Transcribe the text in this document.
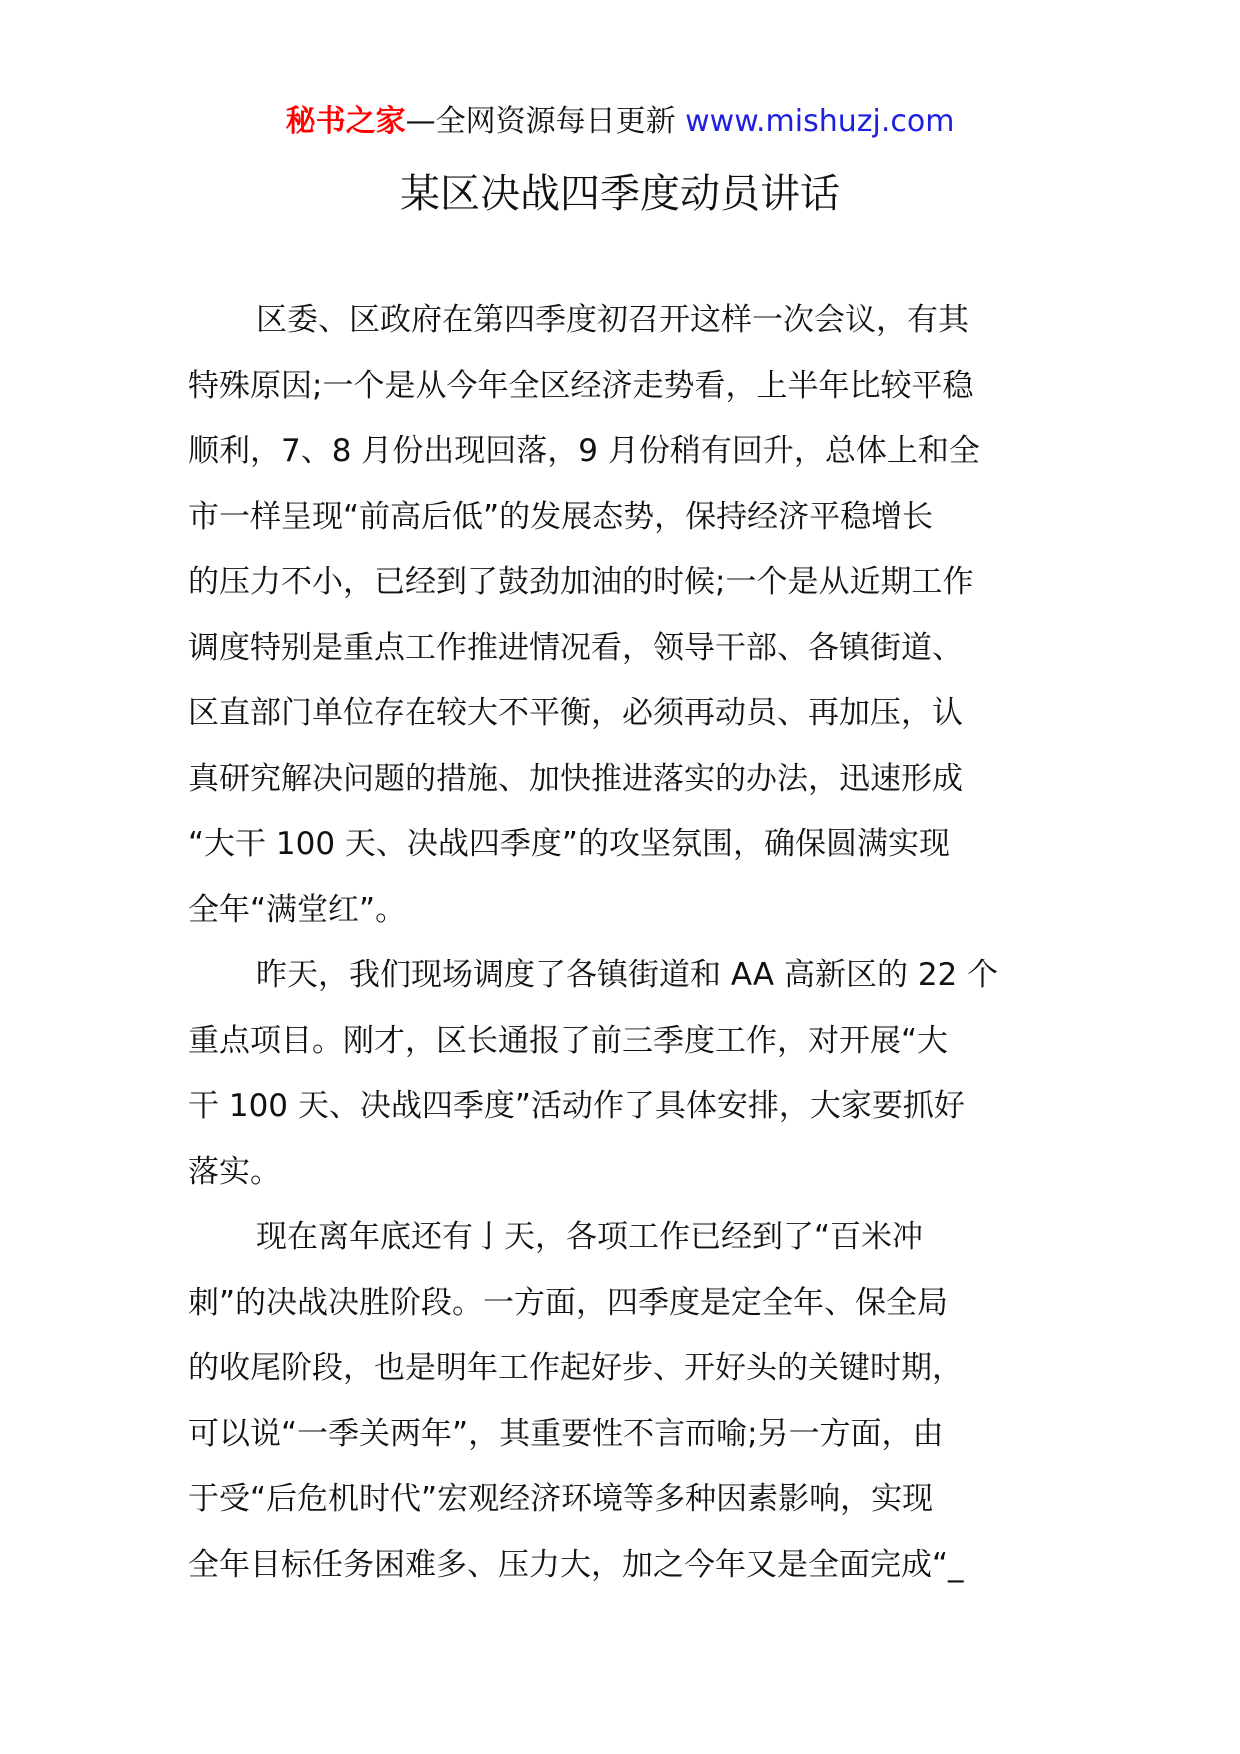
秘书之家—全网资源每日更新 www.mishuzj.com
某区决战四季度动员讲话
区委、区政府在第四季度初召开这样一次会议，有其
特殊原因;一个是从今年全区经济走势看，上半年比较平稳
顺利，7、8 月份出现回落，9 月份稍有回升，总体上和全
市一样呈现“前高后低”的发展态势，保持经济平稳增长
的压力不小，已经到了鼓劲加油的时候;一个是从近期工作
调度特别是重点工作推进情况看，领导干部、各镇街道、
区直部门单位存在较大不平衡，必须再动员、再加压，认
真研究解决问题的措施、加快推进落实的办法，迅速形成
“大干 100 天、决战四季度”的攻坚氛围，确保圆满实现
全年“满堂红”。
昨天，我们现场调度了各镇街道和 AA 高新区的 22 个
重点项目。刚才，区长通报了前三季度工作，对开展“大
干 100 天、决战四季度”活动作了具体安排，大家要抓好
落实。
现在离年底还有亅天，各项工作已经到了“百米冲
刺”的决战决胜阶段。一方面，四季度是定全年、保全局
的收尾阶段，也是明年工作起好步、开好头的关键时期，
可以说“一季关两年”，其重要性不言而喻;另一方面，由
于受“后危机时代”宏观经济环境等多种因素影响，实现
全年目标任务困难多、压力大，加之今年又是全面完成“_
